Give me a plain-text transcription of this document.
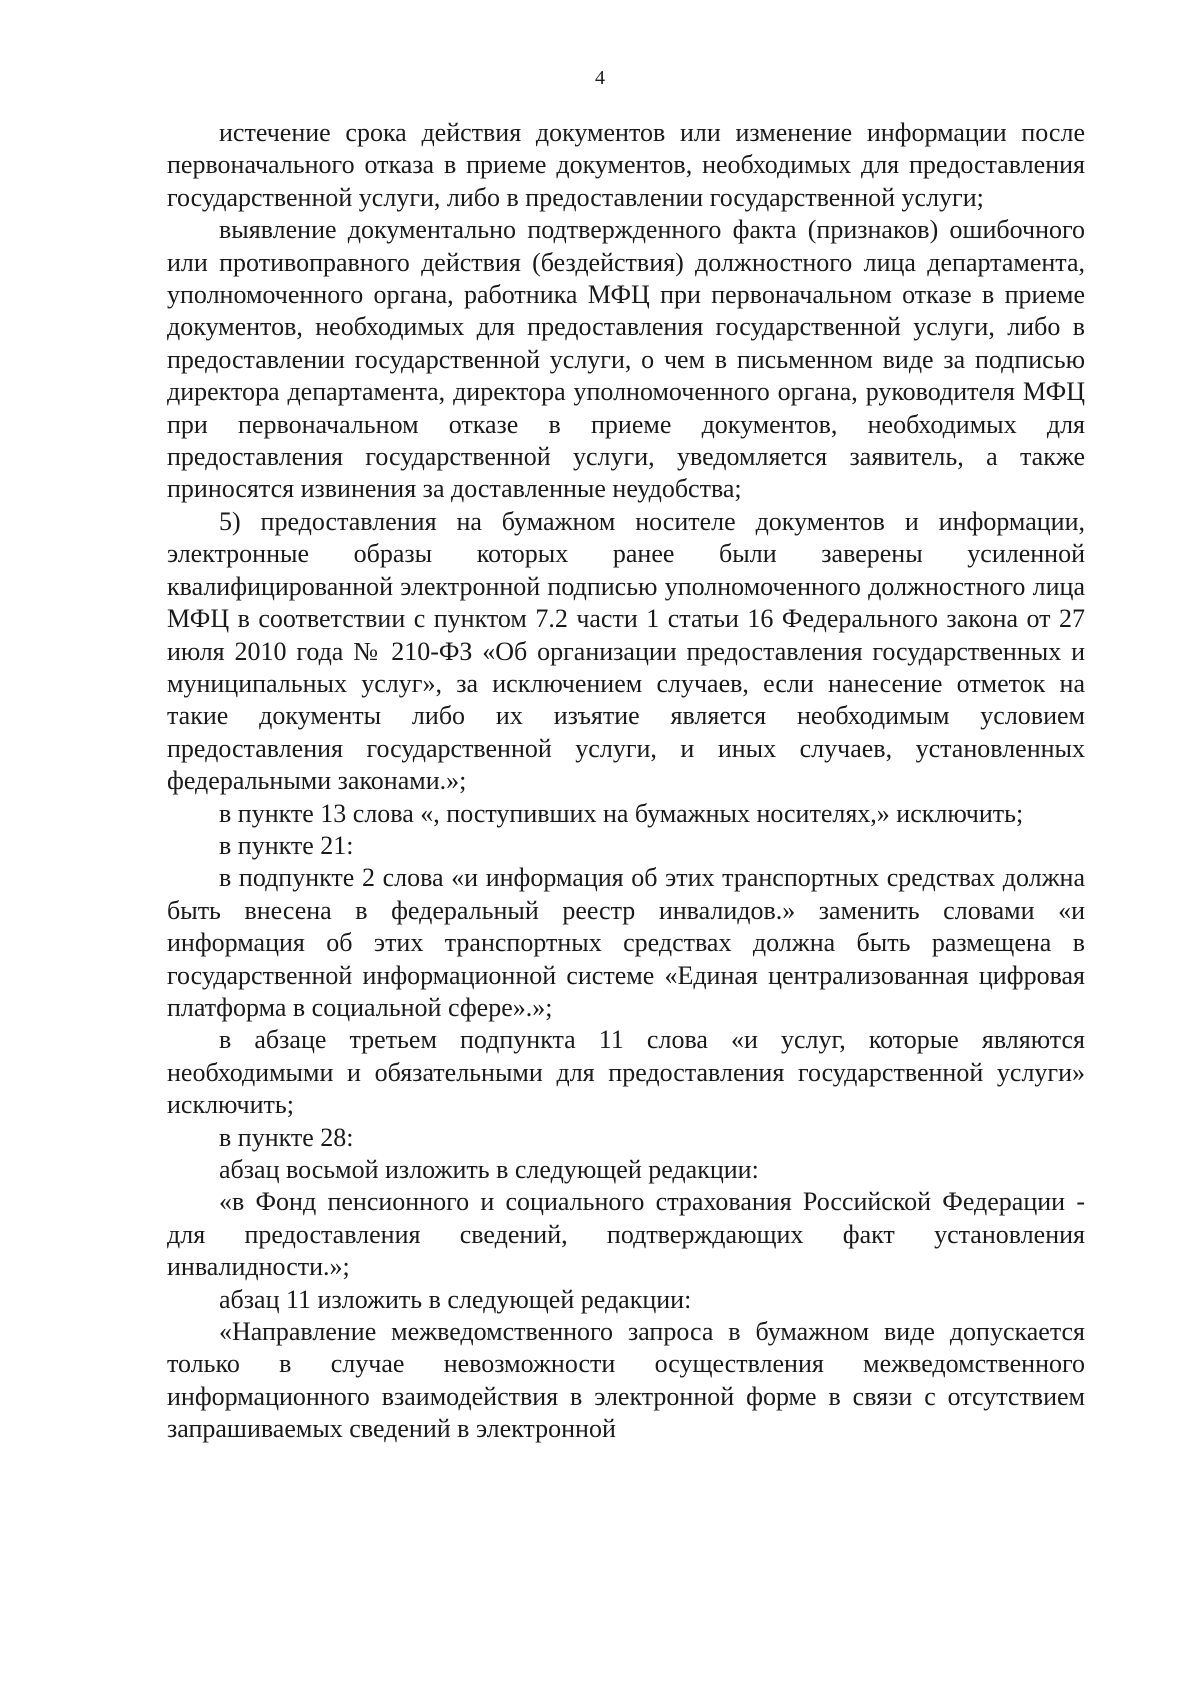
4

истечение срока действия документов или изменение информации после первоначального отказа в приеме документов, необходимых для предоставления государственной услуги, либо в предоставлении государственной услуги;

выявление документально подтвержденного факта (признаков) ошибочного или противоправного действия (бездействия) должностного лица департамента, уполномоченного органа, работника МФЦ при первоначальном отказе в приеме документов, необходимых для предоставления государственной услуги, либо в предоставлении государственной услуги, о чем в письменном виде за подписью директора департамента, директора уполномоченного органа, руководителя МФЦ при первоначальном отказе в приеме документов, необходимых для предоставления государственной услуги, уведомляется заявитель, а также приносятся извинения за доставленные неудобства;

5) предоставления на бумажном носителе документов и информации, электронные образы которых ранее были заверены усиленной квалифицированной электронной подписью уполномоченного должностного лица МФЦ в соответствии с пунктом 7.2 части 1 статьи 16 Федерального закона от 27 июля 2010 года № 210-ФЗ «Об организации предоставления государственных и муниципальных услуг», за исключением случаев, если нанесение отметок на такие документы либо их изъятие является необходимым условием предоставления государственной услуги, и иных случаев, установленных федеральными законами.»;

в пункте 13 слова «, поступивших на бумажных носителях,» исключить;

в пункте 21:

в подпункте 2 слова «и информация об этих транспортных средствах должна быть внесена в федеральный реестр инвалидов.» заменить словами «и информация об этих транспортных средствах должна быть размещена в государственной информационной системе «Единая централизованная цифровая платформа в социальной сфере».»;

в абзаце третьем подпункта 11 слова «и услуг, которые являются необходимыми и обязательными для предоставления государственной услуги» исключить;

в пункте 28:

абзац восьмой изложить в следующей редакции:

«в Фонд пенсионного и социального страхования Российской Федерации - для предоставления сведений, подтверждающих факт установления инвалидности.»;

абзац 11 изложить в следующей редакции:

«Направление межведомственного запроса в бумажном виде допускается только в случае невозможности осуществления межведомственного информационного взаимодействия в электронной форме в связи с отсутствием запрашиваемых сведений в электронной
